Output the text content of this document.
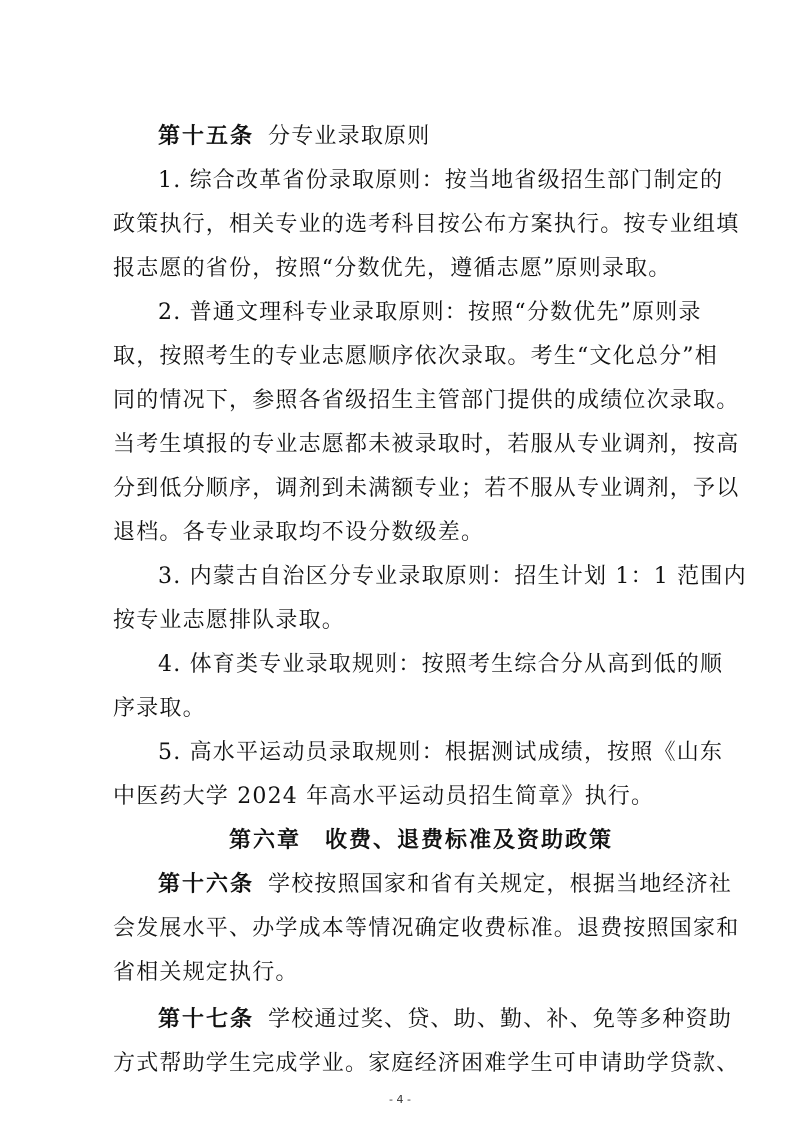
第十五条 分专业录取原则
1. 综合改革省份录取原则：按当地省级招生部门制定的
政策执行，相关专业的选考科目按公布方案执行。按专业组填
报志愿的省份，按照“分数优先，遵循志愿”原则录取。
2. 普通文理科专业录取原则：按照“分数优先”原则录
取，按照考生的专业志愿顺序依次录取。考生“文化总分”相
同的情况下，参照各省级招生主管部门提供的成绩位次录取。
当考生填报的专业志愿都未被录取时，若服从专业调剂，按高
分到低分顺序，调剂到未满额专业；若不服从专业调剂，予以
退档。各专业录取均不设分数级差。
3. 内蒙古自治区分专业录取原则：招生计划 1：1 范围内
按专业志愿排队录取。
4. 体育类专业录取规则：按照考生综合分从高到低的顺
序录取。
5. 高水平运动员录取规则：根据测试成绩，按照《山东
中医药大学 2024 年高水平运动员招生简章》执行。
第六章　收费、退费标准及资助政策
第十六条 学校按照国家和省有关规定，根据当地经济社
会发展水平、办学成本等情况确定收费标准。退费按照国家和
省相关规定执行。
第十七条 学校通过奖、贷、助、勤、补、免等多种资助
方式帮助学生完成学业。家庭经济困难学生可申请助学贷款、
- 4 -
